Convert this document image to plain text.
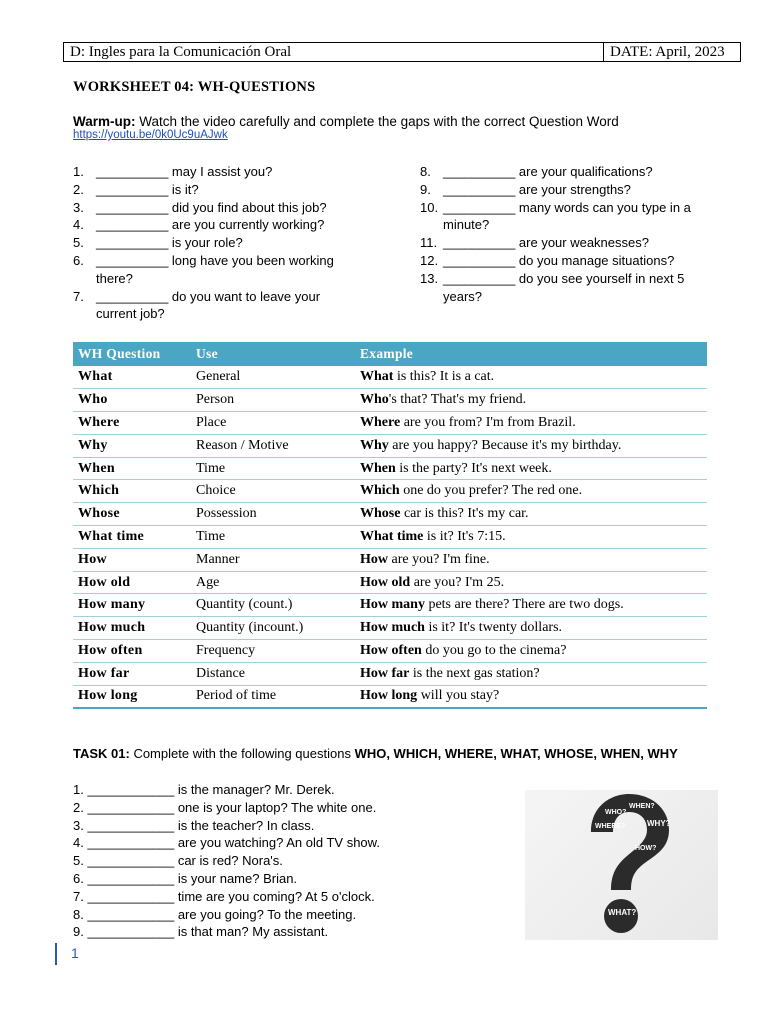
D: Ingles para la Comunicación Oral	DATE: April, 2023
WORKSHEET 04: WH-QUESTIONS
Warm-up: Watch the video carefully and complete the gaps with the correct Question Word
https://youtu.be/0k0Uc9uAJwk
1. __________ may I assist you?
2. __________ is it?
3. __________ did you find about this job?
4. __________ are you currently working?
5. __________ is your role?
6. __________ long have you been working there?
7. __________ do you want to leave your current job?
8. __________ are your qualifications?
9. __________ are your strengths?
10. __________ many words can you type in a minute?
11. __________ are your weaknesses?
12. __________ do you manage situations?
13. __________ do you see yourself in next 5 years?
WH Question	Use	Example
What	General	What is this? It is a cat.
Who	Person	Who's that? That's my friend.
Where	Place	Where are you from? I'm from Brazil.
Why	Reason / Motive	Why are you happy? Because it's my birthday.
When	Time	When is the party? It's next week.
Which	Choice	Which one do you prefer? The red one.
Whose	Possession	Whose car is this? It's my car.
What time	Time	What time is it? It's 7:15.
How	Manner	How are you? I'm fine.
How old	Age	How old are you? I'm 25.
How many	Quantity (count.)	How many pets are there? There are two dogs.
How much	Quantity (incount.)	How much is it? It's twenty dollars.
How often	Frequency	How often do you go to the cinema?
How far	Distance	How far is the next gas station?
How long	Period of time	How long will you stay?
TASK 01: Complete with the following questions WHO, WHICH, WHERE, WHAT, WHOSE, WHEN, WHY
1. ____________ is the manager? Mr. Derek.
2. ____________ one is your laptop? The white one.
3. ____________ is the teacher? In class.
4. ____________ are you watching? An old TV show.
5. ____________ car is red? Nora's.
6. ____________ is your name? Brian.
7. ____________ time are you coming? At 5 o'clock.
8. ____________ are you going? To the meeting.
9. ____________ is that man? My assistant.
WHO?
WHEN?
WHY?
WHERE?
HOW?
WHAT?
1
